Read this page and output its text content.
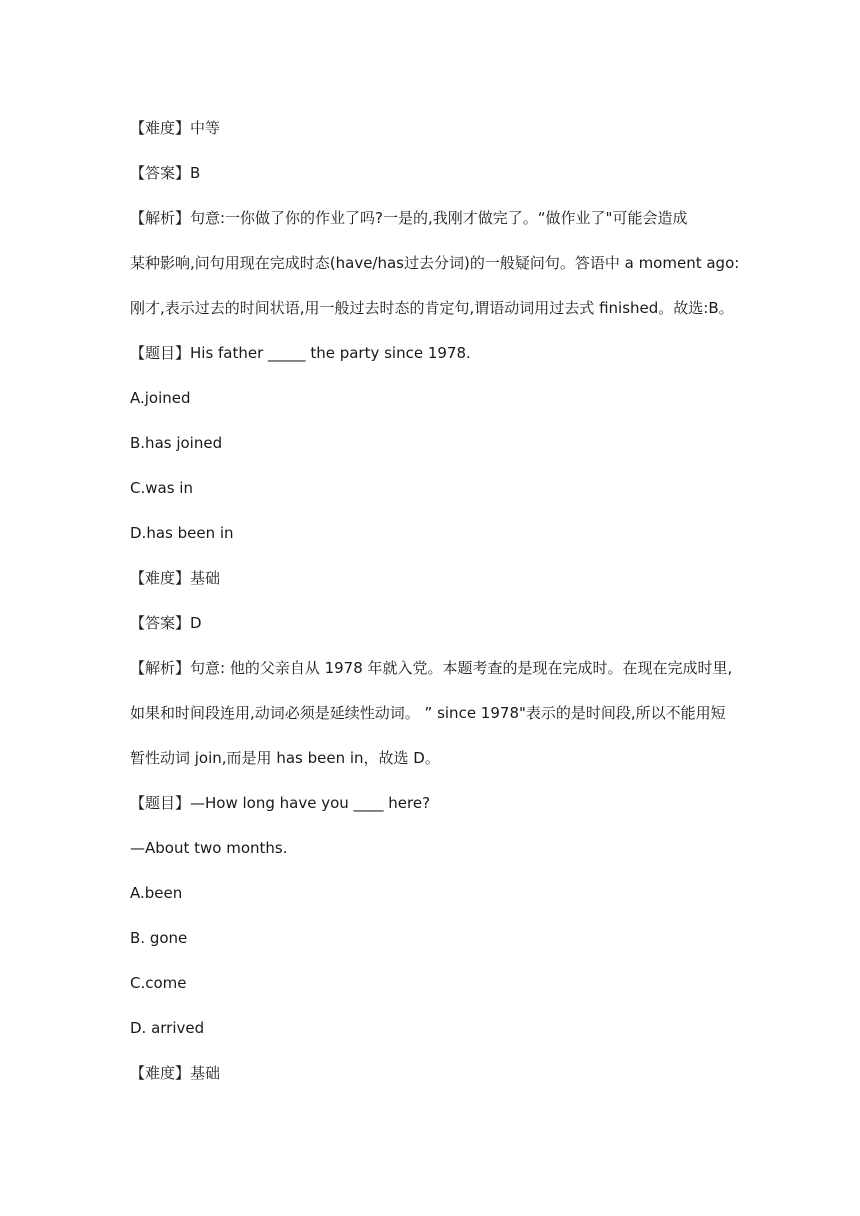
【难度】中等
【答案】B
【解析】句意:一你做了你的作业了吗?一是的,我刚才做完了。“做作业了"可能会造成
某种影响,问句用现在完成时态(have/has过去分词)的一般疑问句。答语中 a moment ago:
刚才,表示过去的时间状语,用一般过去时态的肯定句,谓语动词用过去式 finished。故选:B。
【题目】His father _____ the party since 1978.
A.joined
B.has joined
C.was in
D.has been in
【难度】基础
【答案】D
【解析】句意: 他的父亲自从 1978 年就入党。本题考查的是现在完成时。在现在完成时里,
如果和时间段连用,动词必须是延续性动词。 ” since 1978"表示的是时间段,所以不能用短
暂性动词 join,而是用 has been in，故选 D。
【题目】—How long have you ____ here?
—About two months.
A.been
B. gone
C.come
D. arrived
【难度】基础
